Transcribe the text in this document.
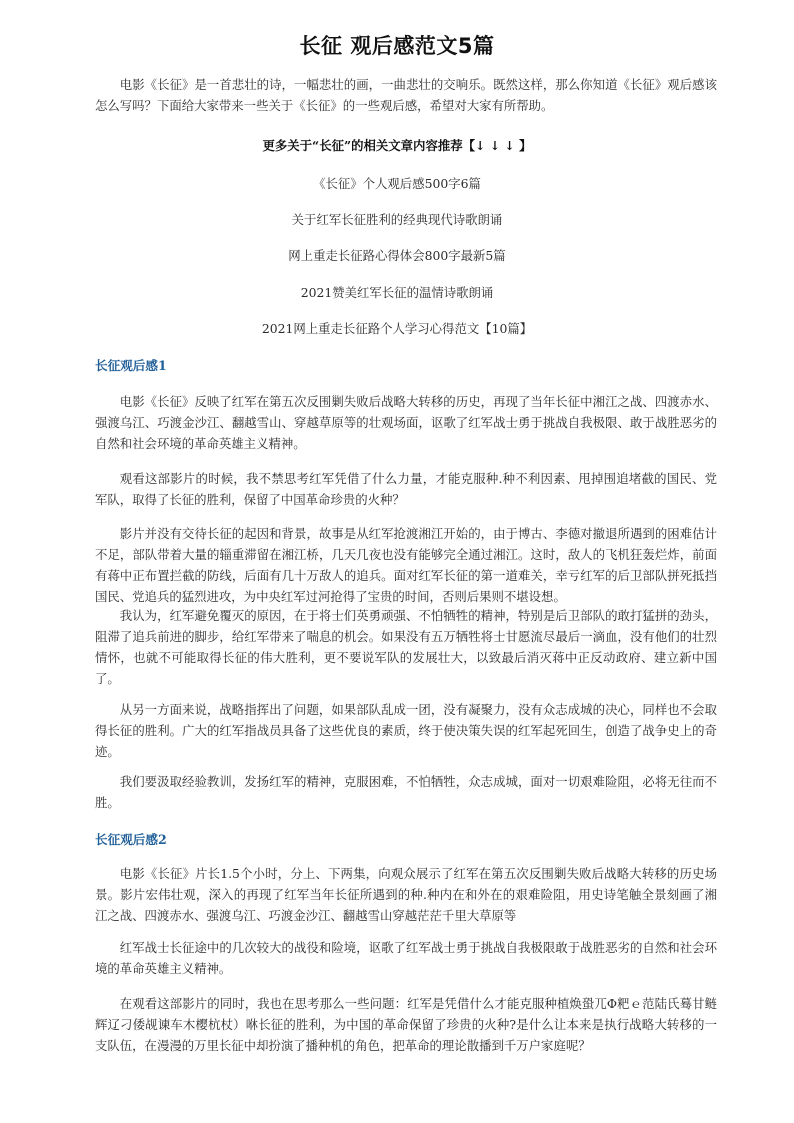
长征 观后感范文5篇

电影《长征》是一首悲壮的诗，一幅悲壮的画，一曲悲壮的交响乐。既然这样，那么你知道《长征》观后感该怎么写吗？下面给大家带来一些关于《长征》的一些观后感，希望对大家有所帮助。

更多关于“长征”的相关文章内容推荐【↓ ↓ ↓ 】

《长征》个人观后感500字6篇

关于红军长征胜利的经典现代诗歌朗诵

网上重走长征路心得体会800字最新5篇

2021赞美红军长征的温情诗歌朗诵

2021网上重走长征路个人学习心得范文【10篇】

长征观后感1

电影《长征》反映了红军在第五次反围剿失败后战略大转移的历史，再现了当年长征中湘江之战、四渡赤水、强渡乌江、巧渡金沙江、翻越雪山、穿越草原等的壮观场面，讴歌了红军战士勇于挑战自我极限、敢于战胜恶劣的自然和社会环境的革命英雄主义精神。

观看这部影片的时候，我不禁思考红军凭借了什么力量，才能克服种.种不利因素、甩掉围追堵截的国民、党军队，取得了长征的胜利，保留了中国革命珍贵的火种？

影片并没有交待长征的起因和背景，故事是从红军抢渡湘江开始的，由于博古、李德对撤退所遇到的困难估计不足，部队带着大量的辎重滞留在湘江桥，几天几夜也没有能够完全通过湘江。这时，敌人的飞机狂轰烂炸，前面有蒋中正布置拦截的防线，后面有几十万敌人的追兵。面对红军长征的第一道难关，幸亏红军的后卫部队拼死抵挡国民、党追兵的猛烈进攻，为中央红军过河抢得了宝贵的时间，否则后果则不堪设想。

我认为，红军避免覆灭的原因，在于将士们英勇顽强、不怕牺牲的精神，特别是后卫部队的敢打猛拼的劲头，阻滞了追兵前进的脚步，给红军带来了喘息的机会。如果没有五万牺牲将士甘愿流尽最后一滴血，没有他们的壮烈情怀，也就不可能取得长征的伟大胜利，更不要说军队的发展壮大，以致最后消灭蒋中正反动政府、建立新中国了。

从另一方面来说，战略指挥出了问题，如果部队乱成一团，没有凝聚力，没有众志成城的决心，同样也不会取得长征的胜利。广大的红军指战员具备了这些优良的素质，终于使决策失误的红军起死回生，创造了战争史上的奇迹。

我们要汲取经验教训，发扬红军的精神，克服困难，不怕牺牲，众志成城，面对一切艰难险阻，必将无往而不胜。

长征观后感2

电影《长征》片长1.5个小时，分上、下两集，向观众展示了红军在第五次反围剿失败后战略大转移的历史场景。影片宏伟壮观，深入的再现了红军当年长征所遇到的种.种内在和外在的艰难险阻，用史诗笔触全景刻画了湘江之战、四渡赤水、强渡乌江、巧渡金沙江、翻越雪山穿越茫茫千里大草原等

红军战士长征途中的几次较大的战役和险境，讴歌了红军战士勇于挑战自我极限敢于战胜恶劣的自然和社会环境的革命英雄主义精神。

在观看这部影片的同时，我也在思考那么一些问题：红军是凭借什么才能克服种植焕蛩兀Φ粑ｅ范陆氏蓦甘鲢辉辽刁倭觇谏车木樱杭杖）咻长征的胜利，为中国的革命保留了珍贵的火种?是什么让本来是执行战略大转移的一支队伍，在漫漫的万里长征中却扮演了播种机的角色，把革命的理论散播到千万户家庭呢？
